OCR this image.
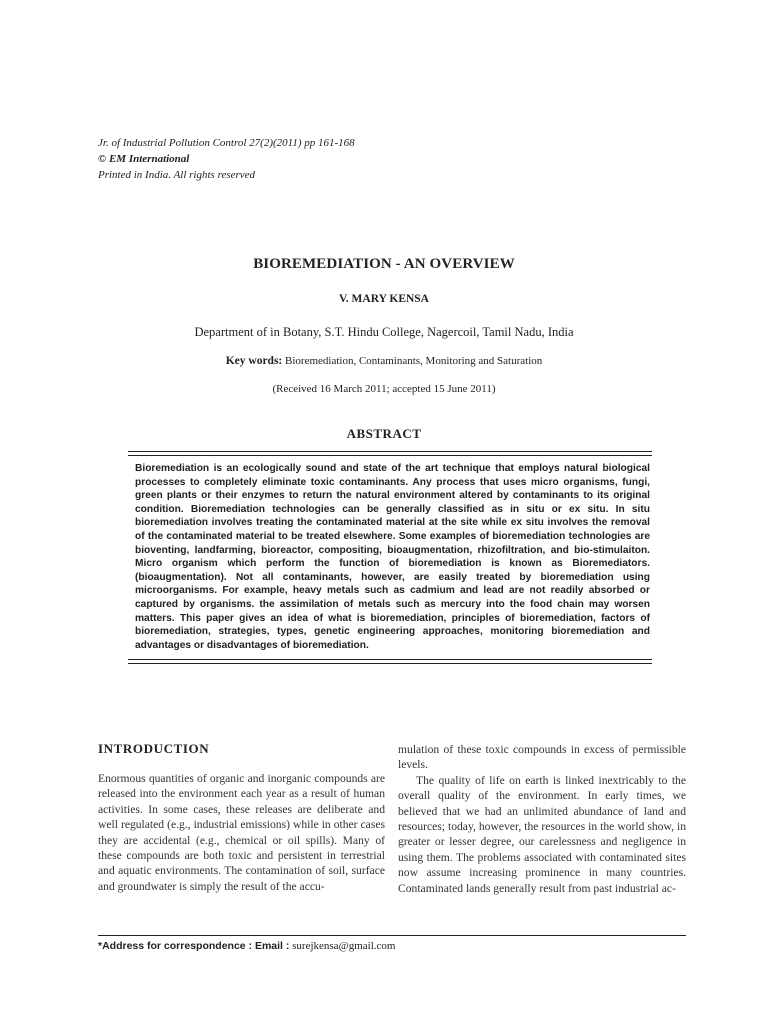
Jr. of Industrial Pollution Control 27(2)(2011) pp 161-168
© EM International
Printed in India. All rights reserved
BIOREMEDIATION - AN OVERVIEW
V. MARY KENSA
Department of in Botany, S.T. Hindu College, Nagercoil, Tamil Nadu, India
Key words: Bioremediation, Contaminants, Monitoring and Saturation
(Received 16 March 2011; accepted 15 June 2011)
ABSTRACT
Bioremediation is an ecologically sound and state of the art technique that employs natural biological processes to completely eliminate toxic contaminants. Any process that uses micro organisms, fungi, green plants or their enzymes to return the natural environment altered by contaminants to its original condition. Bioremediation technologies can be generally classified as in situ or ex situ. In situ bioremediation involves treating the contaminated material at the site while ex situ involves the removal of the contaminated material to be treated elsewhere. Some examples of bioremediation technologies are bioventing, landfarming, bioreactor, compositing, bioaugmentation, rhizofiltration, and bio-stimulaiton. Micro organism which perform the function of bioremediation is known as Bioremediators. (bioaugmentation). Not all contaminants, however, are easily treated by bioremediation using microorganisms. For example, heavy metals such as cadmium and lead are not readily absorbed or captured by organisms. the assimilation of metals such as mercury into the food chain may worsen matters. This paper gives an idea of what is bioremediation, principles of bioremediation, factors of bioremediation, strategies, types, genetic engineering approaches, monitoring bioremediation and advantages or disadvantages of bioremediation.
INTRODUCTION

Enormous quantities of organic and inorganic compounds are released into the environment each year as a result of human activities. In some cases, these releases are deliberate and well regulated (e.g., industrial emissions) while in other cases they are accidental (e.g., chemical or oil spills). Many of these compounds are both toxic and persistent in terrestrial and aquatic environments. The contamination of soil, surface and groundwater is simply the result of the accu-

mulation of these toxic compounds in excess of permissible levels.

The quality of life on earth is linked inextricably to the overall quality of the environment. In early times, we believed that we had an unlimited abundance of land and resources; today, however, the resources in the world show, in greater or lesser degree, our carelessness and negligence in using them. The problems associated with contaminated sites now assume increasing prominence in many countries. Contaminated lands generally result from past industrial ac-

*Address for correspondence : Email : surejkensa@gmail.com
